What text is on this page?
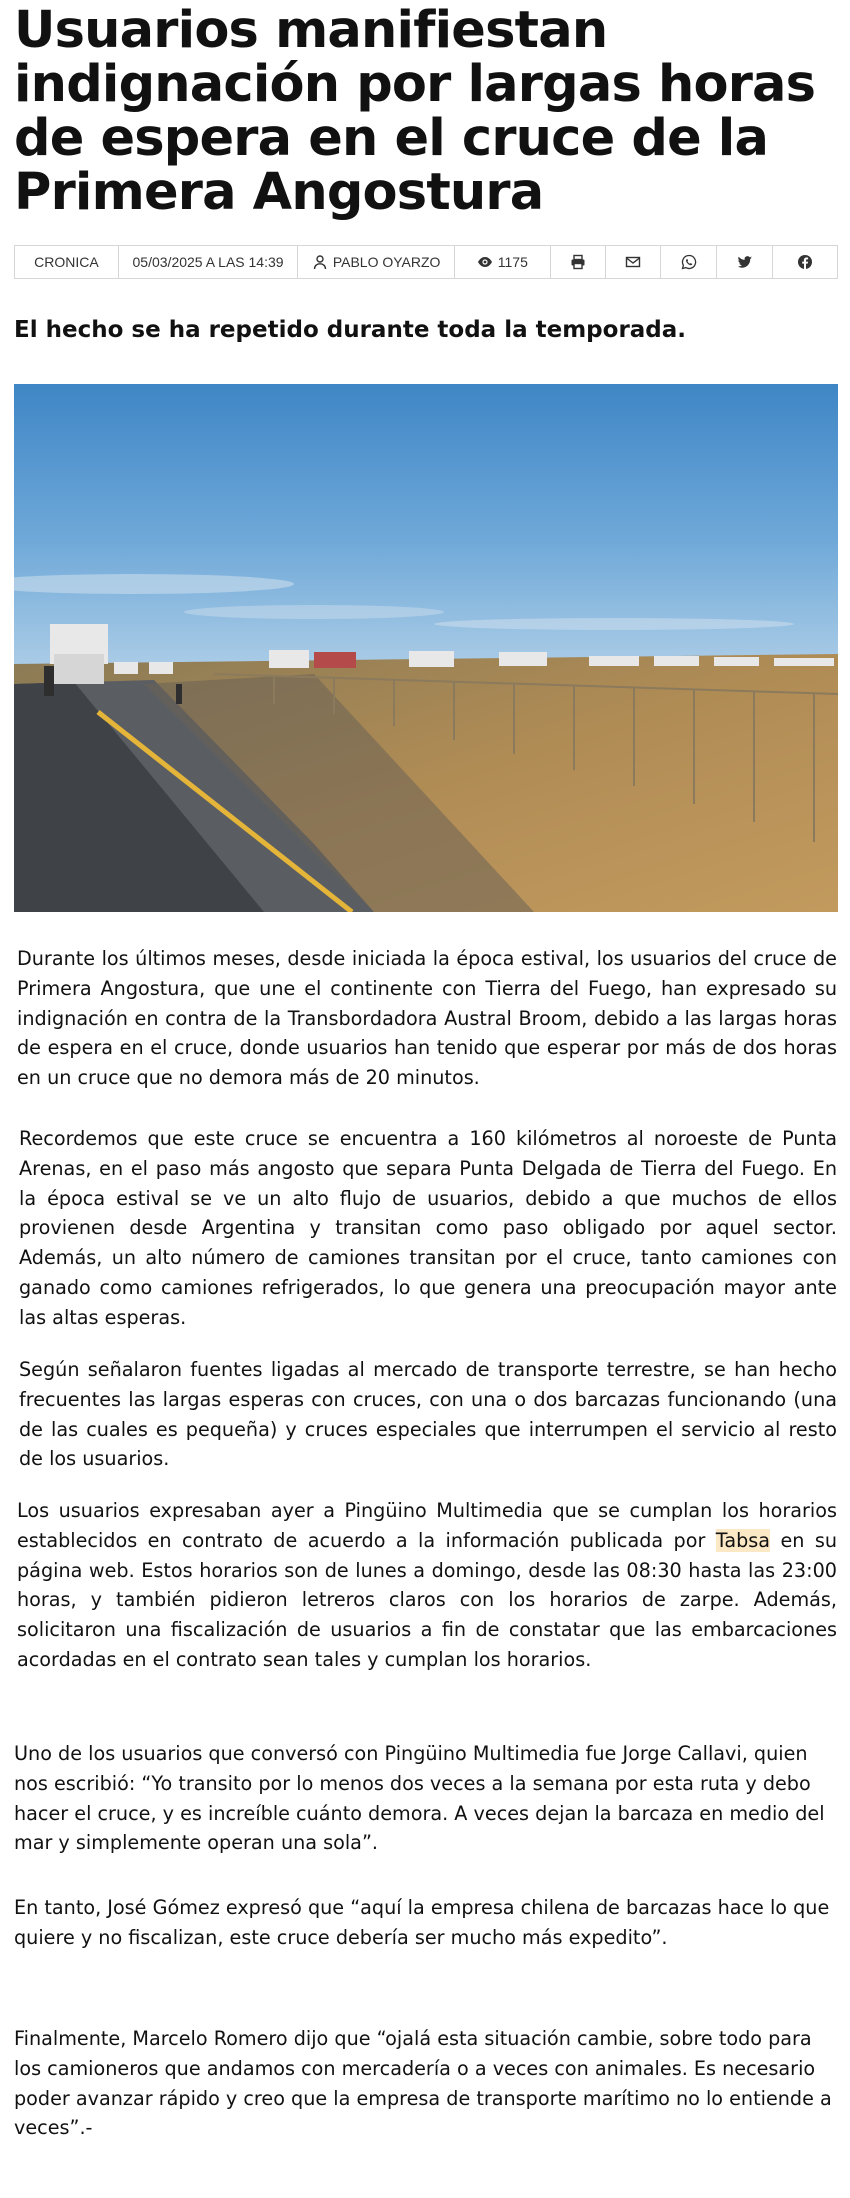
Usuarios manifiestan indignación por largas horas de espera en el cruce de la Primera Angostura
CRONICA 05/03/2025 A LAS 14:39	PABLO OYARZO	1175
El hecho se ha repetido durante toda la temporada.

Durante los últimos meses, desde iniciada la época estival, los usuarios del cruce de Primera Angostura, que une el continente con Tierra del Fuego, han expresado su indignación en contra de la Transbordadora Austral Broom, debido a las largas horas de espera en el cruce, donde usuarios han tenido que esperar por más de dos horas en un cruce que no demora más de 20 minutos.

Recordemos que este cruce se encuentra a 160 kilómetros al noroeste de Punta Arenas, en el paso más angosto que separa Punta Delgada de Tierra del Fuego. En la época estival se ve un alto flujo de usuarios, debido a que muchos de ellos provienen desde Argentina y transitan como paso obligado por aquel sector. Además, un alto número de camiones transitan por el cruce, tanto camiones con ganado como camiones refrigerados, lo que genera una preocupación mayor ante las altas esperas.

Según señalaron fuentes ligadas al mercado de transporte terrestre, se han hecho frecuentes las largas esperas con cruces, con una o dos barcazas funcionando (una de las cuales es pequeña) y cruces especiales que interrumpen el servicio al resto de los usuarios.

Los usuarios expresaban ayer a Pingüino Multimedia que se cumplan los horarios establecidos en contrato de acuerdo a la información publicada por Tabsa en su página web. Estos horarios son de lunes a domingo, desde las 08:30 hasta las 23:00 horas, y también pidieron letreros claros con los horarios de zarpe. Además, solicitaron una fiscalización de usuarios a fin de constatar que las embarcaciones acordadas en el contrato sean tales y cumplan los horarios.

Uno de los usuarios que conversó con Pingüino Multimedia fue Jorge Callavi, quien nos escribió: “Yo transito por lo menos dos veces a la semana por esta ruta y debo hacer el cruce, y es increíble cuánto demora. A veces dejan la barcaza en medio del mar y simplemente operan una sola”.

En tanto, José Gómez expresó que “aquí la empresa chilena de barcazas hace lo que quiere y no fiscalizan, este cruce debería ser mucho más expedito”.

Finalmente, Marcelo Romero dijo que “ojalá esta situación cambie, sobre todo para los camioneros que andamos con mercadería o a veces con animales. Es necesario poder avanzar rápido y creo que la empresa de transporte marítimo no lo entiende a veces”.-
